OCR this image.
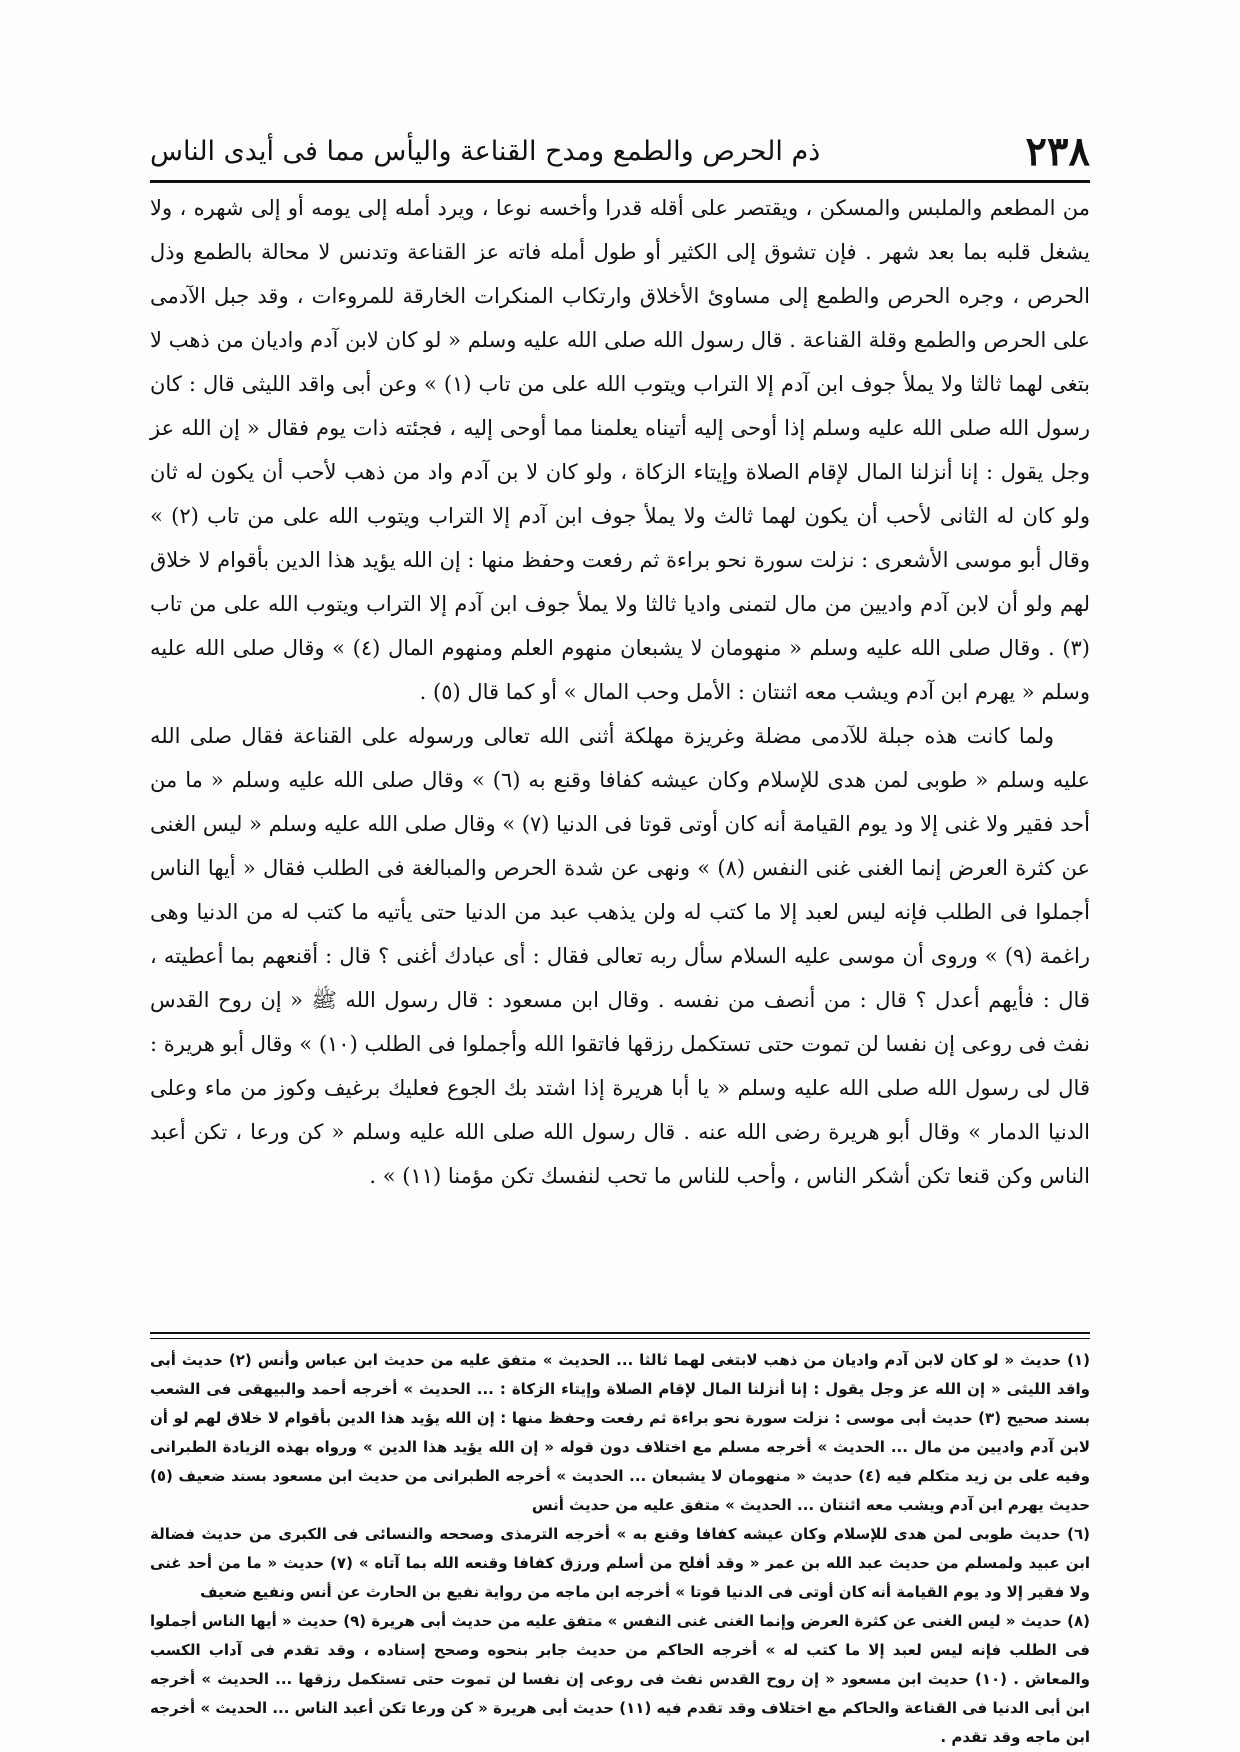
٢٣٨
ذم الحرص والطمع ومدح القناعة واليأس مما فى أيدى الناس

من المطعم والملبس والمسكن ، ويقتصر على أقله قدرا وأخسه نوعا ، ويرد أمله إلى يومه أو إلى شهره ، ولا يشغل قلبه بما بعد شهر . فإن تشوق إلى الكثير أو طول أمله فاته عز القناعة وتدنس لا محالة بالطمع وذل الحرص ، وجره الحرص والطمع إلى مساوئ الأخلاق وارتكاب المنكرات الخارقة للمروءات ، وقد جبل الآدمى على الحرص والطمع وقلة القناعة . قال رسول الله صلى الله عليه وسلم « لو كان لابن آدم واديان من ذهب لا بتغى لهما ثالثا ولا يملأ جوف ابن آدم إلا التراب ويتوب الله على من تاب (١) » وعن أبى واقد الليثى قال : كان رسول الله صلى الله عليه وسلم إذا أوحى إليه أتيناه يعلمنا مما أوحى إليه ، فجئته ذات يوم فقال « إن الله عز وجل يقول : إنا أنزلنا المال لإقام الصلاة وإيتاء الزكاة ، ولو كان لا بن آدم واد من ذهب لأحب أن يكون له ثان ولو كان له الثانى لأحب أن يكون لهما ثالث ولا يملأ جوف ابن آدم إلا التراب ويتوب الله على من تاب (٢) » وقال أبو موسى الأشعرى : نزلت سورة نحو براءة ثم رفعت وحفظ منها : إن الله يؤيد هذا الدين بأقوام لا خلاق لهم ولو أن لابن آدم واديين من مال لتمنى واديا ثالثا ولا يملأ جوف ابن آدم إلا التراب ويتوب الله على من تاب (٣) . وقال صلى الله عليه وسلم « منهومان لا يشبعان منهوم العلم ومنهوم المال (٤) » وقال صلى الله عليه وسلم « يهرم ابن آدم ويشب معه اثنتان : الأمل وحب المال » أو كما قال (٥) .

ولما كانت هذه جبلة للآدمى مضلة وغريزة مهلكة أثنى الله تعالى ورسوله على القناعة فقال صلى الله عليه وسلم « طوبى لمن هدى للإسلام وكان عيشه كفافا وقنع به (٦) » وقال صلى الله عليه وسلم « ما من أحد فقير ولا غنى إلا ود يوم القيامة أنه كان أوتى قوتا فى الدنيا (٧) » وقال صلى الله عليه وسلم « ليس الغنى عن كثرة العرض إنما الغنى غنى النفس (٨) » ونهى عن شدة الحرص والمبالغة فى الطلب فقال « أيها الناس أجملوا فى الطلب فإنه ليس لعبد إلا ما كتب له ولن يذهب عبد من الدنيا حتى يأتيه ما كتب له من الدنيا وهى راغمة (٩) » وروى أن موسى عليه السلام سأل ربه تعالى فقال : أى عبادك أغنى ؟ قال : أقنعهم بما أعطيته ، قال : فأيهم أعدل ؟ قال : من أنصف من نفسه . وقال ابن مسعود : قال رسول الله ﷺ « إن روح القدس نفث فى روعى إن نفسا لن تموت حتى تستكمل رزقها فاتقوا الله وأجملوا فى الطلب (١٠) » وقال أبو هريرة : قال لى رسول الله صلى الله عليه وسلم « يا أبا هريرة إذا اشتد بك الجوع فعليك برغيف وكوز من ماء وعلى الدنيا الدمار » وقال أبو هريرة رضى الله عنه . قال رسول الله صلى الله عليه وسلم « كن ورعا ، تكن أعبد الناس وكن قنعا تكن أشكر الناس ، وأحب للناس ما تحب لنفسك تكن مؤمنا (١١) » .

(١) حديث « لو كان لابن آدم واديان من ذهب لابتغى لهما ثالثا ... الحديث » متفق عليه من حديث ابن عباس وأنس (٢) حديث أبى واقد الليثى « إن الله عز وجل يقول : إنا أنزلنا المال لإقام الصلاة وإيتاء الزكاة : ... الحديث » أخرجه أحمد والبيهقى فى الشعب بسند صحيح (٣) حديث أبى موسى : نزلت سورة نحو براءة ثم رفعت وحفظ منها : إن الله يؤيد هذا الدين بأقوام لا خلاق لهم لو أن لابن آدم واديين من مال ... الحديث » أخرجه مسلم مع اختلاف دون قوله « إن الله يؤيد هذا الدين » ورواه بهذه الزيادة الطبرانى وفيه على بن زيد متكلم فيه (٤) حديث « منهومان لا يشبعان ... الحديث » أخرجه الطبرانى من حديث ابن مسعود بسند ضعيف (٥) حديث يهرم ابن آدم ويشب معه اثنتان ... الحديث » متفق عليه من حديث أنس

(٦) حديث طوبى لمن هدى للإسلام وكان عيشه كفافا وقنع به » أخرجه الترمذى وصححه والنسائى فى الكبرى من حديث فضالة ابن عبيد ولمسلم من حديث عبد الله بن عمر « وقد أفلح من أسلم ورزق كفافا وقنعه الله بما آتاه » (٧) حديث « ما من أحد غنى ولا فقير إلا ود يوم القيامة أنه كان أوتى فى الدنيا قوتا » أخرجه ابن ماجه من رواية نفيع بن الحارث عن أنس ونفيع ضعيف

(٨) حديث « ليس الغنى عن كثرة العرض وإنما الغنى غنى النفس » متفق عليه من حديث أبى هريرة (٩) حديث « أيها الناس أجملوا فى الطلب فإنه ليس لعبد إلا ما كتب له » أخرجه الحاكم من حديث جابر بنحوه وصحح إسناده ، وقد تقدم فى آداب الكسب والمعاش . (١٠) حديث ابن مسعود « إن روح القدس نفث فى روعى إن نفسا لن تموت حتى تستكمل رزقها ... الحديث » أخرجه ابن أبى الدنيا فى القناعة والحاكم مع اختلاف وقد تقدم فيه (١١) حديث أبى هريرة « كن ورعا تكن أعبد الناس ... الحديث » أخرجه ابن ماجه وقد تقدم .
